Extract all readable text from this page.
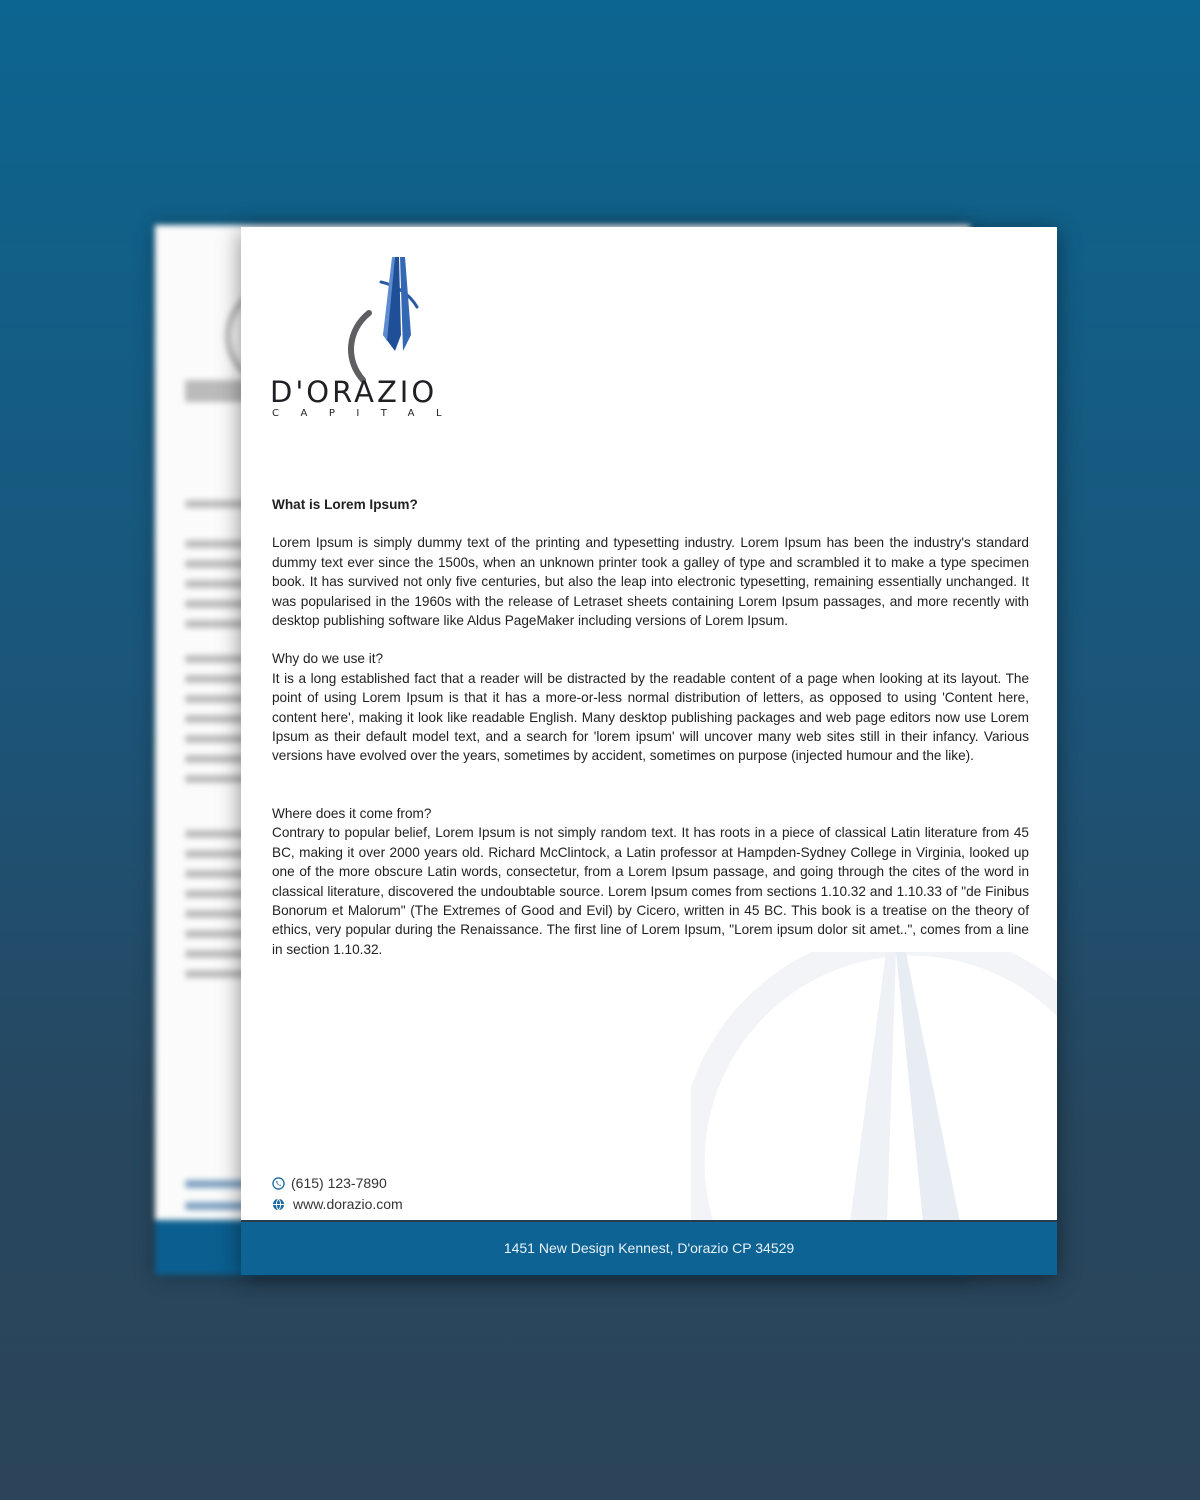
D'ORAZIO
CAPITAL
What is Lorem Ipsum?

Lorem Ipsum is simply dummy text of the printing and typesetting industry. Lorem Ipsum has been the industry's standard dummy text ever since the 1500s, when an unknown printer took a galley of type and scrambled it to make a type specimen book. It has survived not only five centuries, but also the leap into electronic typesetting, remaining essentially unchanged. It was popularised in the 1960s with the release of Letraset sheets containing Lorem Ipsum passages, and more recently with desktop publishing software like Aldus PageMaker including versions of Lorem Ipsum.

Why do we use it?

It is a long established fact that a reader will be distracted by the readable content of a page when looking at its layout. The point of using Lorem Ipsum is that it has a more-or-less normal distribution of letters, as opposed to using 'Content here, content here', making it look like readable English. Many desktop publishing packages and web page editors now use Lorem Ipsum as their default model text, and a search for 'lorem ipsum' will uncover many web sites still in their infancy. Various versions have evolved over the years, sometimes by accident, sometimes on purpose (injected humour and the like).

Where does it come from?

Contrary to popular belief, Lorem Ipsum is not simply random text. It has roots in a piece of classical Latin literature from 45 BC, making it over 2000 years old. Richard McClintock, a Latin professor at Hampden-Sydney College in Virginia, looked up one of the more obscure Latin words, consectetur, from a Lorem Ipsum passage, and going through the cites of the word in classical literature, discovered the undoubtable source. Lorem Ipsum comes from sections 1.10.32 and 1.10.33 of "de Finibus Bonorum et Malorum" (The Extremes of Good and Evil) by Cicero, written in 45 BC. This book is a treatise on the theory of ethics, very popular during the Renaissance. The first line of Lorem Ipsum, "Lorem ipsum dolor sit amet..", comes from a line in section 1.10.32.

(615) 123-7890
www.dorazio.com
1451 New Design Kennest, D'orazio CP 34529
